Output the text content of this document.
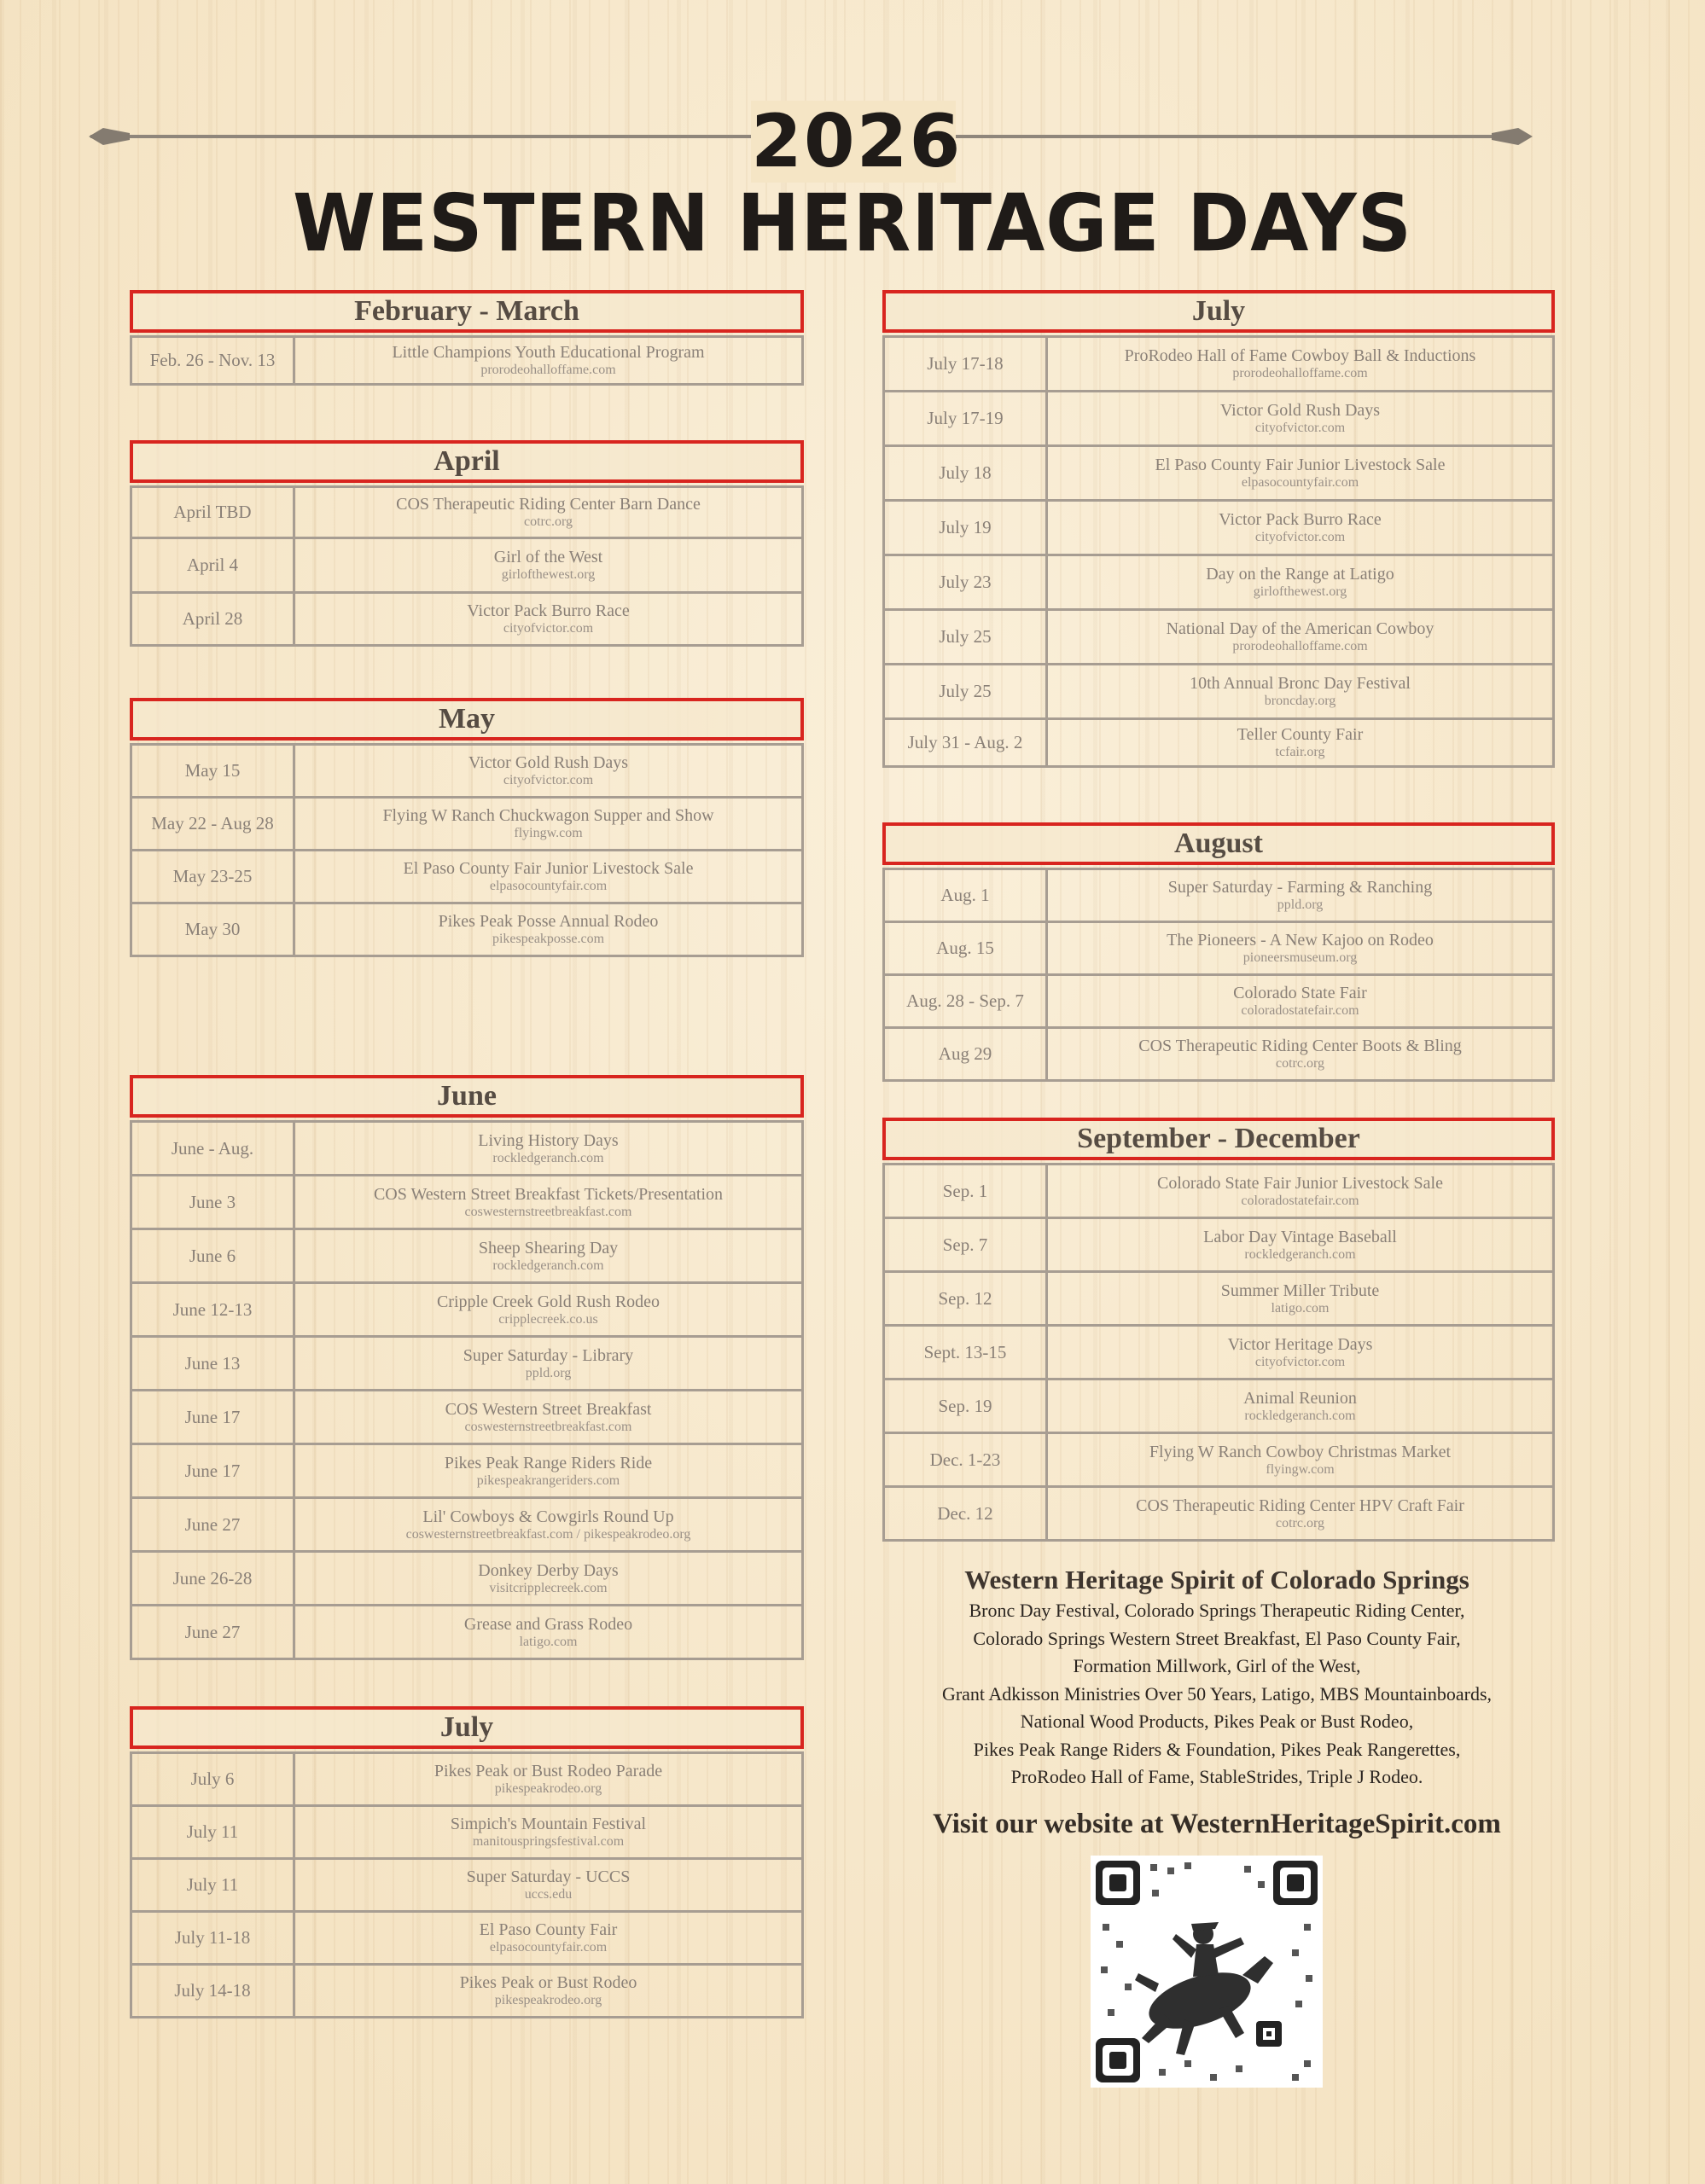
2026
WESTERN HERITAGE DAYS
February - March
Feb. 26 - Nov. 13	Little Champions Youth Educational Program
prorodeohalloffame.com
April
April TBD	COS Therapeutic Riding Center Barn Dance
cotrc.org

April 4	Girl of the West
girlofthewest.org

April 28	Victor Pack Burro Race
cityofvictor.com
May
May 15	Victor Gold Rush Days
cityofvictor.com

May 22 - Aug 28	Flying W Ranch Chuckwagon Supper and Show
flyingw.com

May 23-25	El Paso County Fair Junior Livestock Sale
elpasocountyfair.com

May 30	Pikes Peak Posse Annual Rodeo
pikespeakposse.com
June
June - Aug.	Living History Days
rockledgeranch.com

June 3	COS Western Street Breakfast Tickets/Presentation
coswesternstreetbreakfast.com

June 6	Sheep Shearing Day
rockledgeranch.com

June 12-13	Cripple Creek Gold Rush Rodeo
cripplecreek.co.us

June 13	Super Saturday - Library
ppld.org

June 17	COS Western Street Breakfast
coswesternstreetbreakfast.com

June 17	Pikes Peak Range Riders Ride
pikespeakrangeriders.com

June 27	Lil' Cowboys & Cowgirls Round Up
coswesternstreetbreakfast.com / pikespeakrodeo.org

June 26-28	Donkey Derby Days
visitcripplecreek.com

June 27	Grease and Grass Rodeo
latigo.com
July
July 6	Pikes Peak or Bust Rodeo Parade
pikespeakrodeo.org

July 11	Simpich's Mountain Festival
manitouspringsfestival.com

July 11	Super Saturday - UCCS
uccs.edu

July 11-18	El Paso County Fair
elpasocountyfair.com

July 14-18	Pikes Peak or Bust Rodeo
pikespeakrodeo.org
July
July 17-18	ProRodeo Hall of Fame Cowboy Ball & Inductions
prorodeohalloffame.com

July 17-19	Victor Gold Rush Days
cityofvictor.com

July 18	El Paso County Fair Junior Livestock Sale
elpasocountyfair.com

July 19	Victor Pack Burro Race
cityofvictor.com

July 23	Day on the Range at Latigo
girlofthewest.org

July 25	National Day of the American Cowboy
prorodeohalloffame.com

July 25	10th Annual Bronc Day Festival
broncday.org

July 31 - Aug. 2	Teller County Fair
tcfair.org
August
Aug. 1	Super Saturday - Farming & Ranching
ppld.org

Aug. 15	The Pioneers - A New Kajoo on Rodeo
pioneersmuseum.org

Aug. 28 - Sep. 7	Colorado State Fair
coloradostatefair.com

Aug 29	COS Therapeutic Riding Center Boots & Bling
cotrc.org
September - December
Sep. 1	Colorado State Fair Junior Livestock Sale
coloradostatefair.com

Sep. 7	Labor Day Vintage Baseball
rockledgeranch.com

Sep. 12	Summer Miller Tribute
latigo.com

Sept. 13-15	Victor Heritage Days
cityofvictor.com

Sep. 19	Animal Reunion
rockledgeranch.com

Dec. 1-23	Flying W Ranch Cowboy Christmas Market
flyingw.com

Dec. 12	COS Therapeutic Riding Center HPV Craft Fair
cotrc.org
Western Heritage Spirit of Colorado Springs
Bronc Day Festival, Colorado Springs Therapeutic Riding Center,
Colorado Springs Western Street Breakfast, El Paso County Fair,
Formation Millwork, Girl of the West,
Grant Adkisson Ministries Over 50 Years, Latigo, MBS Mountainboards,
National Wood Products, Pikes Peak or Bust Rodeo,
Pikes Peak Range Riders & Foundation, Pikes Peak Rangerettes,
ProRodeo Hall of Fame, StableStrides, Triple J Rodeo.
Visit our website at WesternHeritageSpirit.com
